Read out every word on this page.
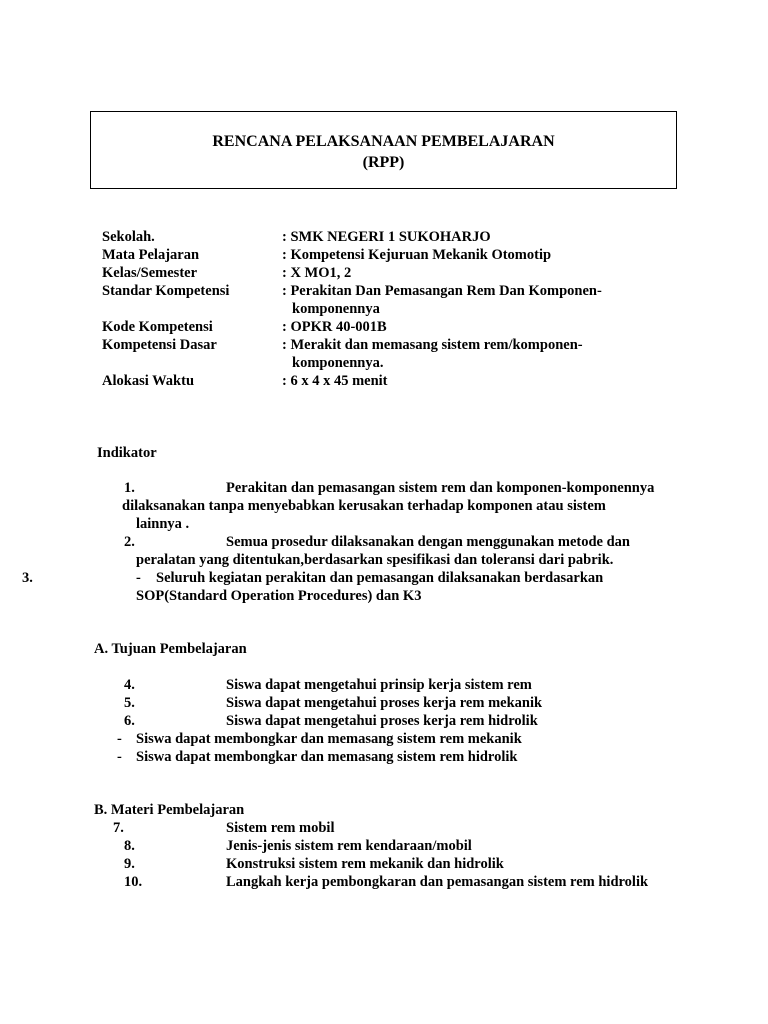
RENCANA PELAKSANAAN PEMBELAJARAN
(RPP)
Sekolah.	: SMK NEGERI 1 SUKOHARJO
Mata Pelajaran	: Kompetensi Kejuruan Mekanik Otomotip
Kelas/Semester	: X MO1, 2
Standar Kompetensi	: Perakitan Dan Pemasangan Rem Dan Komponen-
komponennya
Kode Kompetensi	: OPKR 40-001B
Kompetensi Dasar	: Merakit dan memasang sistem rem/komponen-
komponennya.
Alokasi Waktu	: 6 x 4 x 45 menit
Indikator
1.	Perakitan dan pemasangan sistem rem dan komponen-komponennya
dilaksanakan tanpa menyebabkan kerusakan terhadap komponen atau sistem
lainnya .
2.	Semua prosedur dilaksanakan dengan menggunakan metode dan
peralatan yang ditentukan,berdasarkan spesifikasi dan toleransi dari pabrik.
3.	- Seluruh kegiatan perakitan dan pemasangan dilaksanakan berdasarkan
SOP(Standard Operation Procedures) dan K3
A. Tujuan Pembelajaran
4.	Siswa dapat mengetahui prinsip kerja sistem rem
5.	Siswa dapat mengetahui proses kerja rem mekanik
6.	Siswa dapat mengetahui proses kerja rem hidrolik
- Siswa dapat membongkar dan memasang sistem rem mekanik
- Siswa dapat membongkar dan memasang sistem rem hidrolik
B. Materi Pembelajaran
7.	Sistem rem mobil
8.	Jenis-jenis sistem rem kendaraan/mobil
9.	Konstruksi sistem rem mekanik dan hidrolik
10.	Langkah kerja pembongkaran dan pemasangan sistem rem hidrolik
